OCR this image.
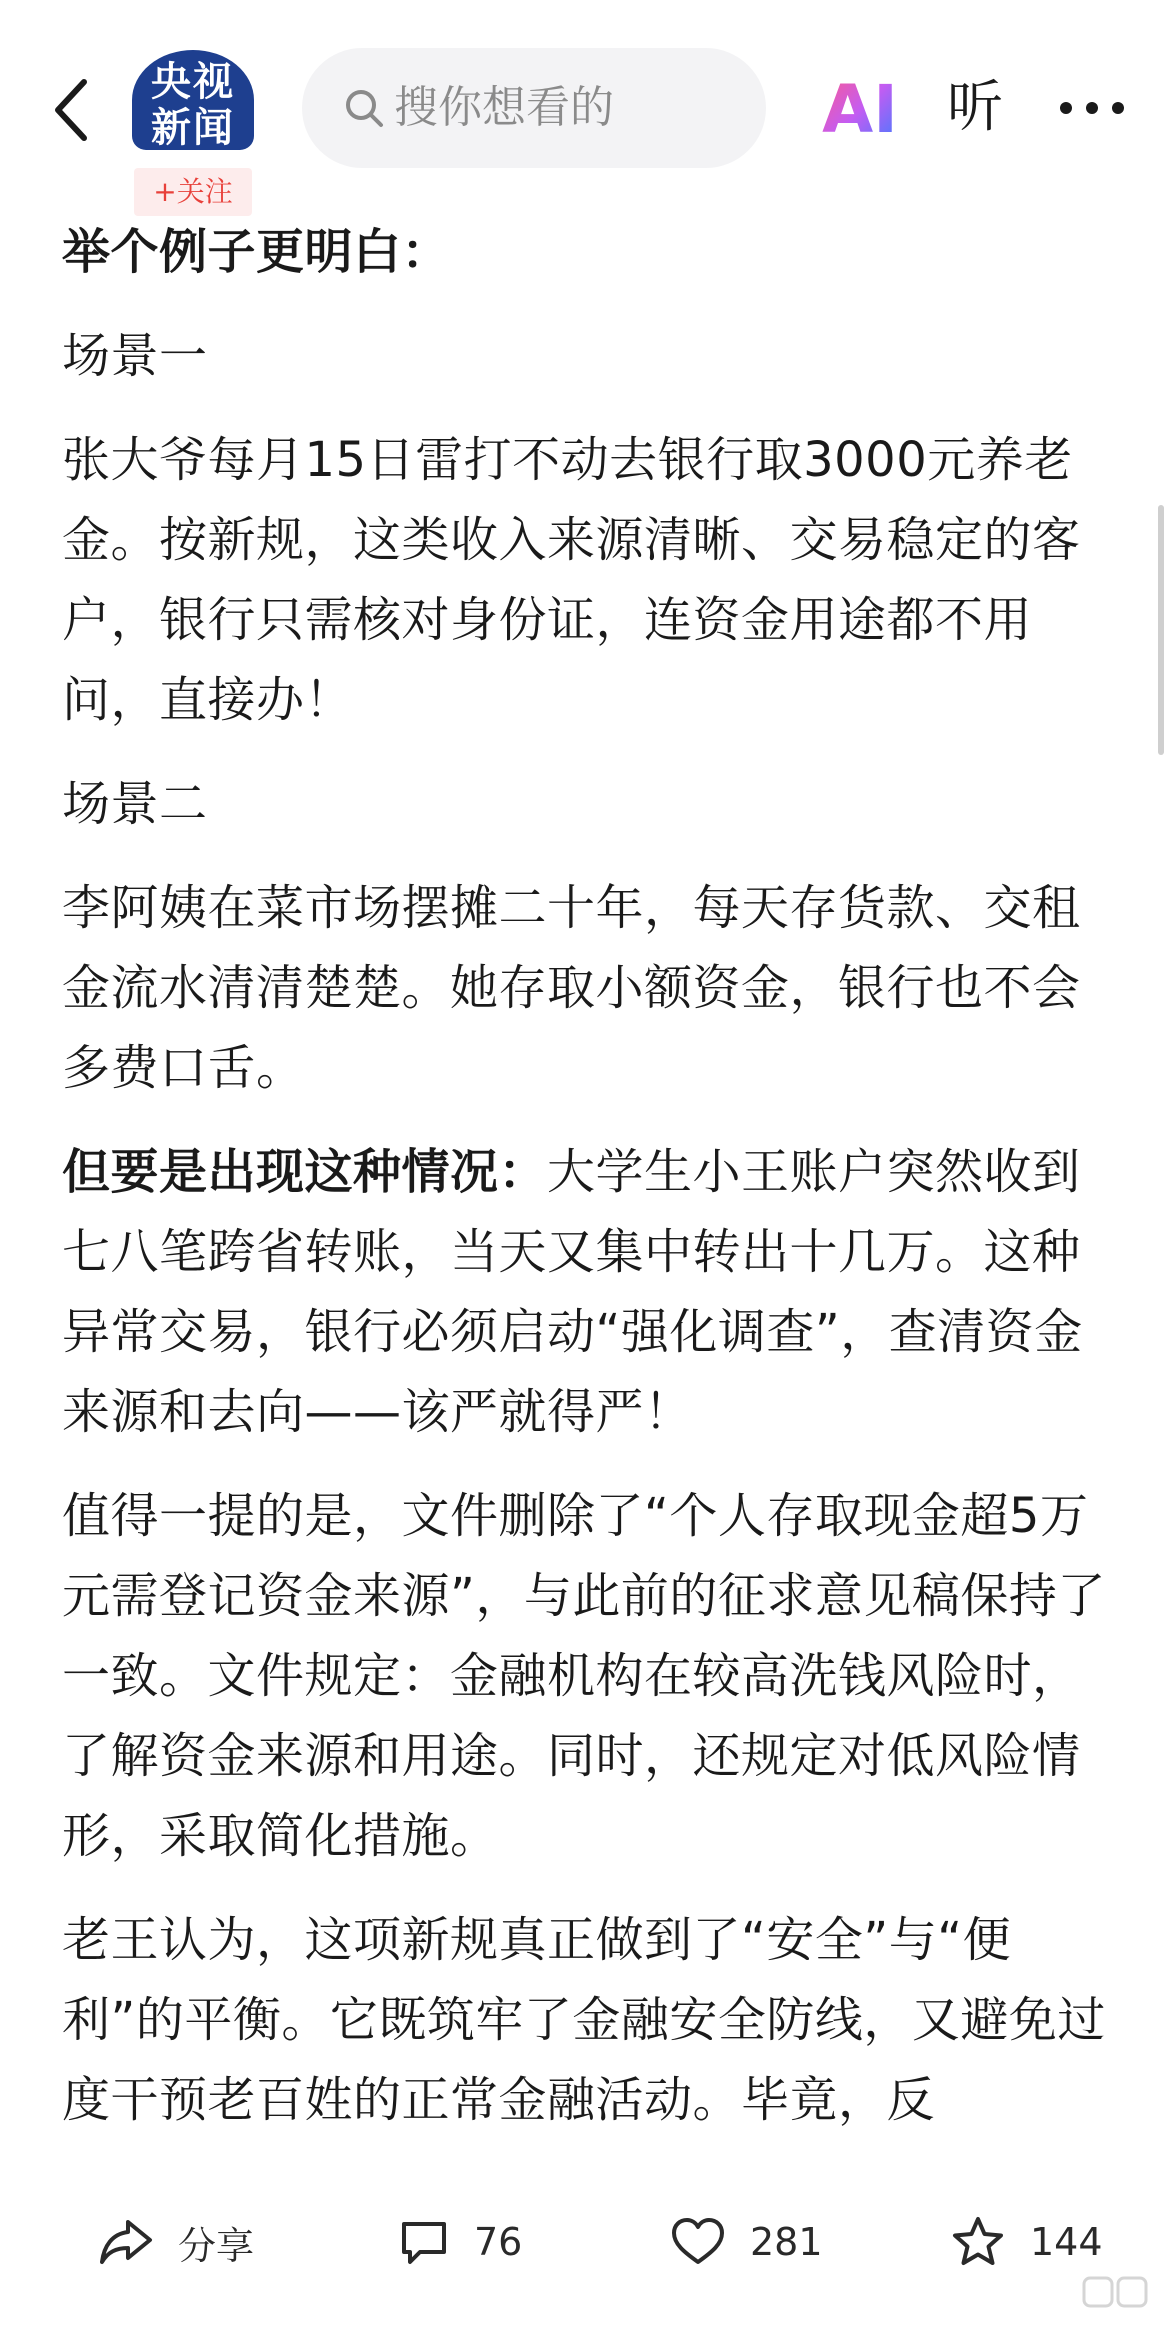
央视
新闻
+关注
搜你想看的	AI 听

举个例子更明白：

场景一

张大爷每月15日雷打不动去银行取3000元养老金。按新规，这类收入来源清晰、交易稳定的客户，银行只需核对身份证，连资金用途都不用问，直接办！

场景二

李阿姨在菜市场摆摊二十年，每天存货款、交租金流水清清楚楚。她存取小额资金，银行也不会多费口舌。

但要是出现这种情况：大学生小王账户突然收到七八笔跨省转账，当天又集中转出十几万。这种异常交易，银行必须启动“强化调查”，查清资金来源和去向——该严就得严！

值得一提的是，文件删除了“个人存取现金超5万元需登记资金来源”，与此前的征求意见稿保持了一致。文件规定：金融机构在较高洗钱风险时，了解资金来源和用途。同时，还规定对低风险情形，采取简化措施。

老王认为，这项新规真正做到了“安全”与“便利”的平衡。它既筑牢了金融安全防线，又避免过度干预老百姓的正常金融活动。毕竟，反

分享	76	281	144
